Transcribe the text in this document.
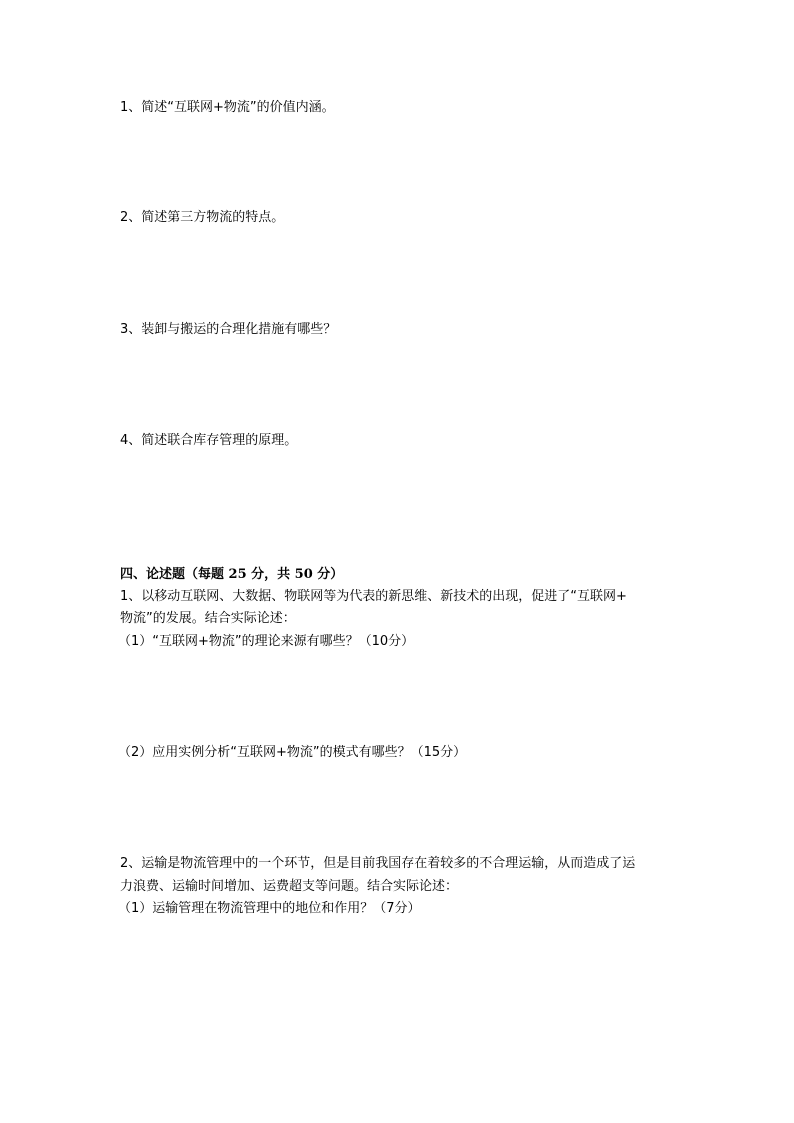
1、简述“互联网+物流”的价值内涵。
2、简述第三方物流的特点。
3、装卸与搬运的合理化措施有哪些？
4、简述联合库存管理的原理。
四、论述题（每题 25 分，共 50 分）
1、以移动互联网、大数据、物联网等为代表的新思维、新技术的出现，促进了“互联网+
物流”的发展。结合实际论述：
（1）“互联网+物流”的理论来源有哪些？（10分）
（2）应用实例分析“互联网+物流”的模式有哪些？（15分）
2、运输是物流管理中的一个环节，但是目前我国存在着较多的不合理运输，从而造成了运
力浪费、运输时间增加、运费超支等问题。结合实际论述：
（1）运输管理在物流管理中的地位和作用？（7分）
